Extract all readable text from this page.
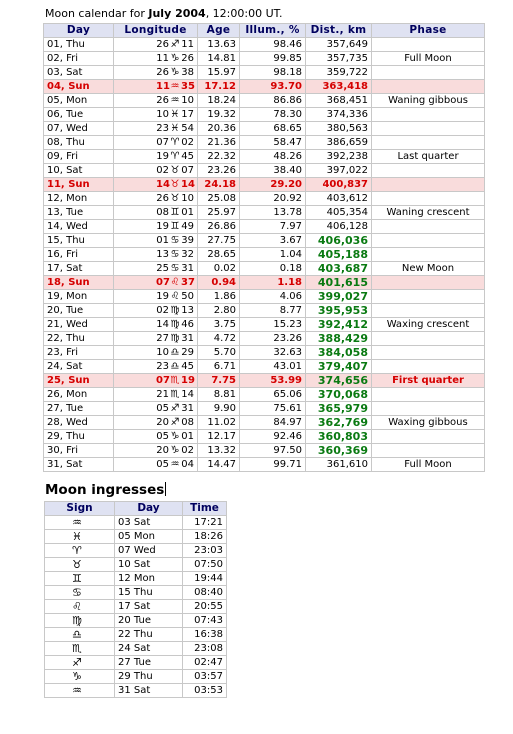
Moon calendar for July 2004, 12:00:00 UT.
Day	Longitude	Age	Illum., %	Dist., km	Phase
01, Thu	26 ♐ 11	13.63	98.46	357,649	
02, Fri	11 ♑ 26	14.81	99.85	357,735	Full Moon
03, Sat	26 ♑ 38	15.97	98.18	359,722	
04, Sun	11♒ 35	17.12	93.70	363,418	
05, Mon	26 ♒ 10	18.24	86.86	368,451	Waning gibbous
06, Tue	10 ♓ 17	19.32	78.30	374,336	
07, Wed	23 ♓ 54	20.36	68.65	380,563	
08, Thu	07 ♈ 02	21.36	58.47	386,659	
09, Fri	19 ♈ 45	22.32	48.26	392,238	Last quarter
10, Sat	02 ♉ 07	23.26	38.40	397,022	
11, Sun	14♉ 14	24.18	29.20	400,837	
12, Mon	26 ♉ 10	25.08	20.92	403,612	
13, Tue	08 ♊ 01	25.97	13.78	405,354	Waning crescent
14, Wed	19 ♊ 49	26.86	7.97	406,128	
15, Thu	01 ♋ 39	27.75	3.67	406,036	
16, Fri	13 ♋ 32	28.65	1.04	405,188	
17, Sat	25 ♋ 31	0.02	0.18	403,687	New Moon
18, Sun	07♌ 37	0.94	1.18	401,615	
19, Mon	19 ♌ 50	1.86	4.06	399,027	
20, Tue	02 ♍ 13	2.80	8.77	395,953	
21, Wed	14 ♍ 46	3.75	15.23	392,412	Waxing crescent
22, Thu	27 ♍ 31	4.72	23.26	388,429	
23, Fri	10 ♎ 29	5.70	32.63	384,058	
24, Sat	23 ♎ 45	6.71	43.01	379,407	
25, Sun	07♏ 19	7.75	53.99	374,656	First quarter
26, Mon	21 ♏ 14	8.81	65.06	370,068	
27, Tue	05 ♐ 31	9.90	75.61	365,979	
28, Wed	20 ♐ 08	11.02	84.97	362,769	Waxing gibbous
29, Thu	05 ♑ 01	12.17	92.46	360,803	
30, Fri	20 ♑ 02	13.32	97.50	360,369	
31, Sat	05 ♒ 04	14.47	99.71	361,610	Full Moon
Moon ingresses
Sign	Day	Time
♒	03 Sat	17:21
♓	05 Mon	18:26
♈	07 Wed	23:03
♉	10 Sat	07:50
♊	12 Mon	19:44
♋	15 Thu	08:40
♌	17 Sat	20:55
♍	20 Tue	07:43
♎	22 Thu	16:38
♏	24 Sat	23:08
♐	27 Tue	02:47
♑	29 Thu	03:57
♒	31 Sat	03:53
